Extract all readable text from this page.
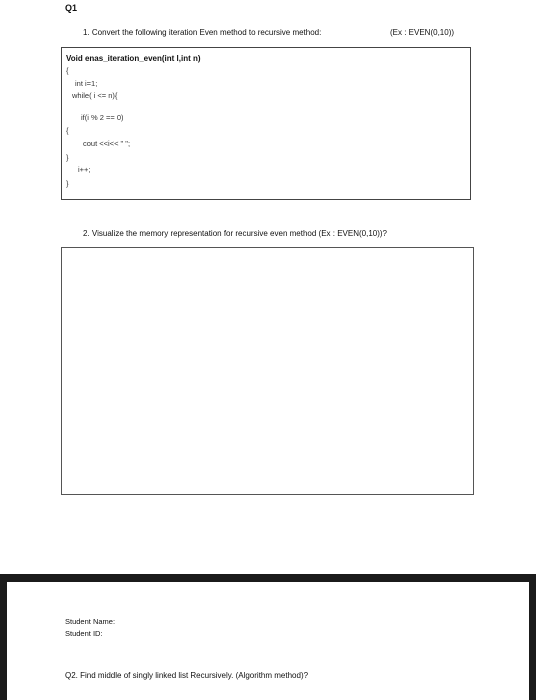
Q1
1. Convert the following iteration Even method to recursive method:	(Ex : EVEN(0,10))
Void enas_iteration_even(int l,int n)
{
int i=1;
while( i <= n){
if(i % 2 == 0)
{
cout <<i<< " ";
}
i++;
}
2. Visualize the memory representation for recursive even method (Ex : EVEN(0,10))?
Student Name:
Student ID:
Q2. Find middle of singly linked list Recursively. (Algorithm method)?
